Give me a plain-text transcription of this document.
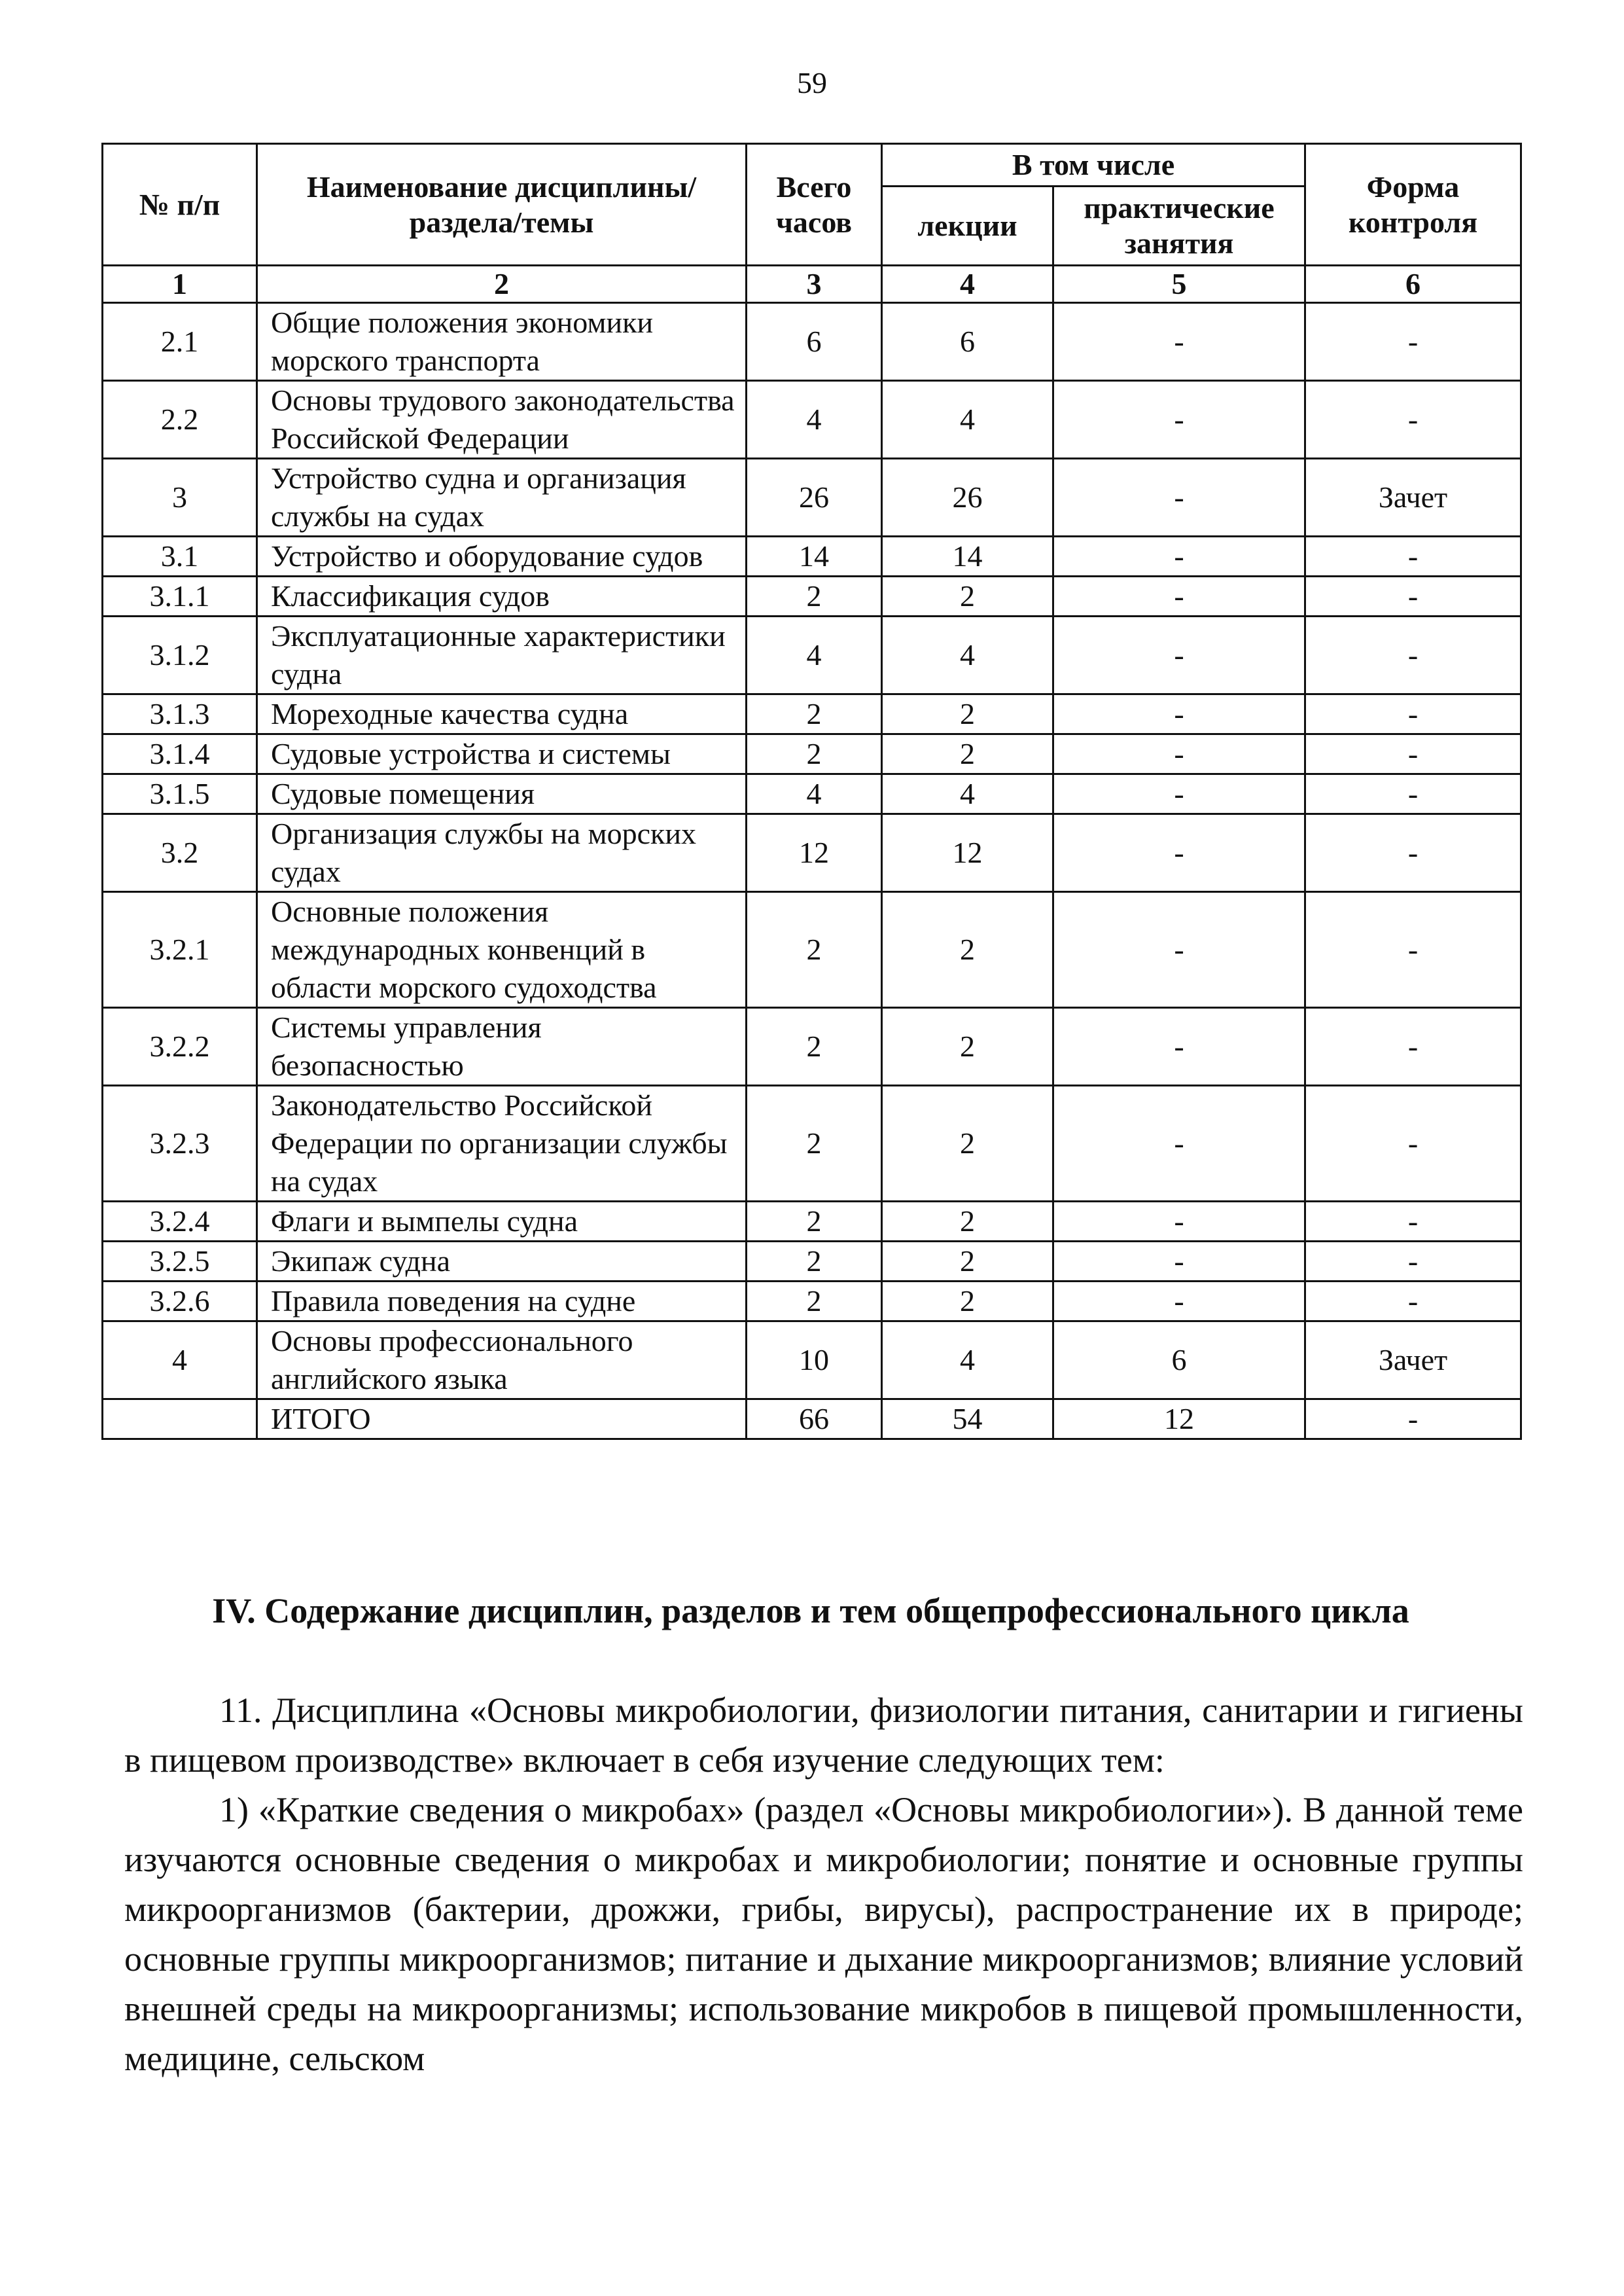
59
№ п/п	Наименование дисциплины/раздела/темы	Всего часов	В том числе		Форма контроля
			лекции	практические занятия	
1	2	3	4	5	6
2.1	Общие положения экономики морского транспорта	6	6	-	-
2.2	Основы трудового законодательства Российской Федерации	4	4	-	-
3	Устройство судна и организация службы на судах	26	26	-	Зачет
3.1	Устройство и оборудование судов	14	14	-	-
3.1.1	Классификация судов	2	2	-	-
3.1.2	Эксплуатационные характеристики судна	4	4	-	-
3.1.3	Мореходные качества судна	2	2	-	-
3.1.4	Судовые устройства и системы	2	2	-	-
3.1.5	Судовые помещения	4	4	-	-
3.2	Организация службы на морских судах	12	12	-	-
3.2.1	Основные положения международных конвенций в области морского судоходства	2	2	-	-
3.2.2	Системы управления безопасностью	2	2	-	-
3.2.3	Законодательство Российской Федерации по организации службы на судах	2	2	-	-
3.2.4	Флаги и вымпелы судна	2	2	-	-
3.2.5	Экипаж судна	2	2	-	-
3.2.6	Правила поведения на судне	2	2	-	-
4	Основы профессионального английского языка	10	4	6	Зачет
	ИТОГО	66	54	12	-
IV. Содержание дисциплин, разделов и тем общепрофессионального цикла

11. Дисциплина «Основы микробиологии, физиологии питания, санитарии и гигиены в пищевом производстве» включает в себя изучение следующих тем:

1) «Краткие сведения о микробах» (раздел «Основы микробиологии»). В данной теме изучаются основные сведения о микробах и микробиологии; понятие и основные группы микроорганизмов (бактерии, дрожжи, грибы, вирусы), распространение их в природе; основные группы микроорганизмов; питание и дыхание микроорганизмов; влияние условий внешней среды на микроорганизмы; использование микробов в пищевой промышленности, медицине, сельском
